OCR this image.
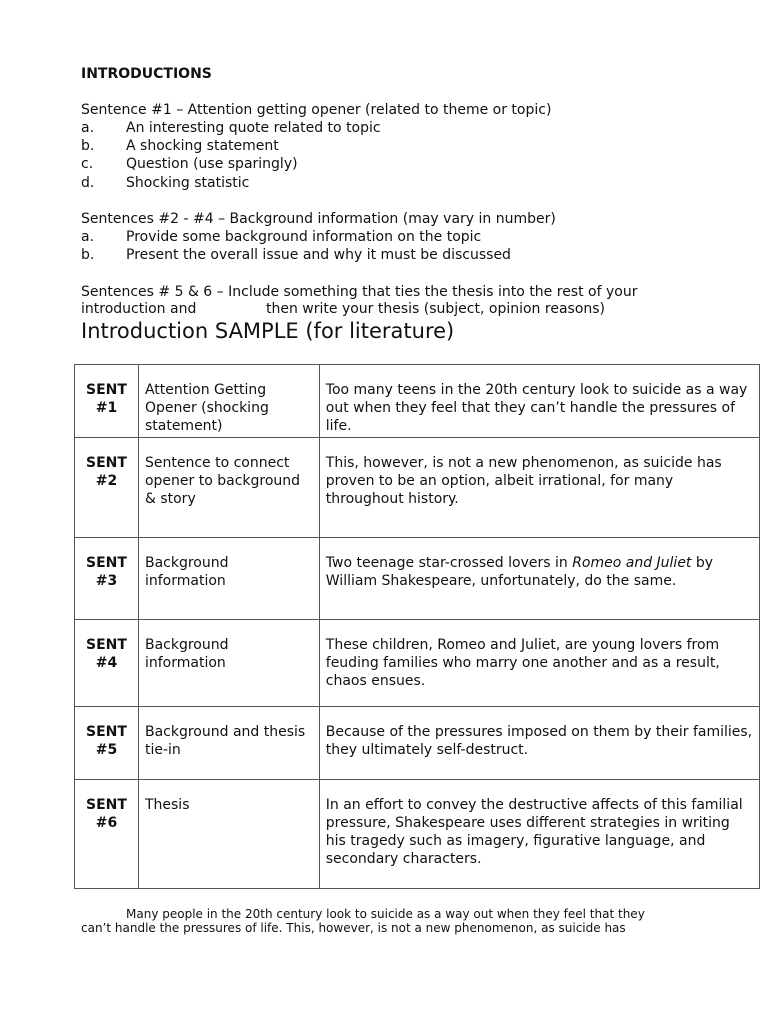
INTRODUCTIONS
Sentence #1 – Attention getting opener (related to theme or topic)
a. An interesting quote related to topic
b. A shocking statement
c. Question (use sparingly)
d. Shocking statistic
Sentences #2 - #4 – Background information (may vary in number)
a. Provide some background information on the topic
b. Present the overall issue and why it must be discussed
Sentences # 5 & 6 – Include something that ties the thesis into the rest of your
introduction and	then write your thesis (subject, opinion reasons)
Introduction SAMPLE (for literature)
SENT
#1	Attention Getting Opener (shocking statement)	Too many teens in the 20th century look to suicide as a way out when they feel that they can’t handle the pressures of life.

SENT
#2	Sentence to connect opener to background & story	This, however, is not a new phenomenon, as suicide has proven to be an option, albeit irrational, for many throughout history.

SENT
#3	Background information	Two teenage star-crossed lovers in Romeo and Juliet by William Shakespeare, unfortunately, do the same.

SENT
#4	Background information	These children, Romeo and Juliet, are young lovers from feuding families who marry one another and as a result, chaos ensues.

SENT
#5	Background and thesis tie-in	Because of the pressures imposed on them by their families, they ultimately self-destruct.

SENT
#6	Thesis	In an effort to convey the destructive affects of this familial pressure, Shakespeare uses different strategies in writing his tragedy such as imagery, figurative language, and secondary characters.
Many people in the 20th century look to suicide as a way out when they feel that they
can’t handle the pressures of life. This, however, is not a new phenomenon, as suicide has
